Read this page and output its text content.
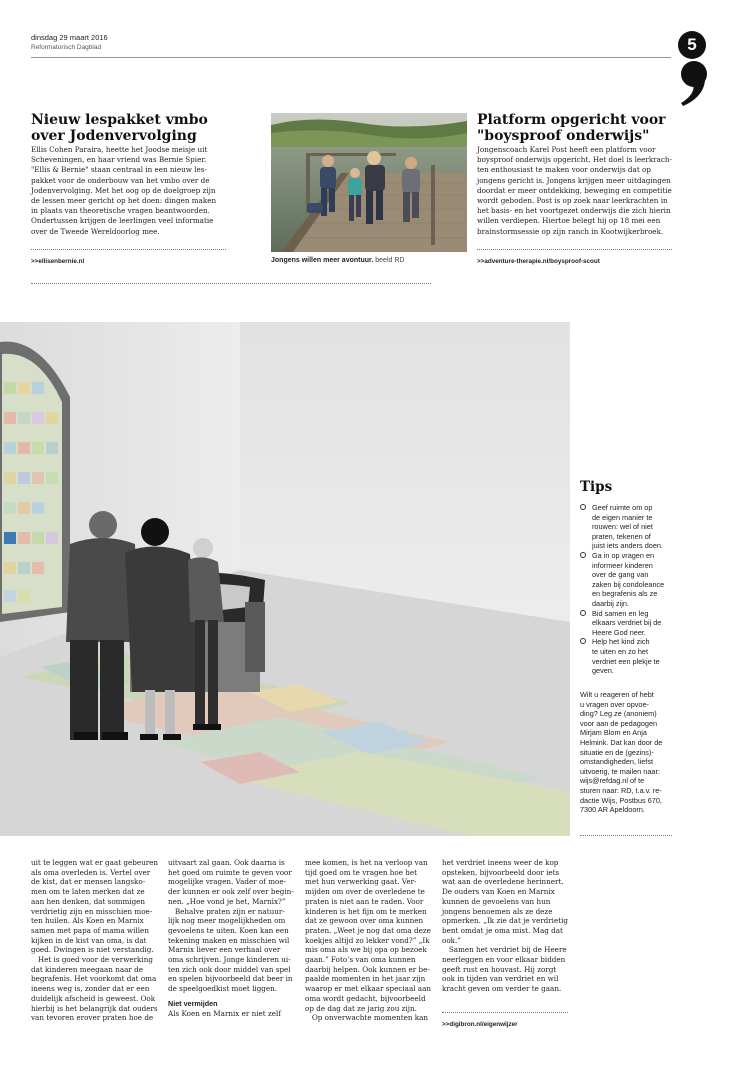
dinsdag 29 maart 2016
Reformatorisch Dagblad	5
Nieuw lespakket vmbo
over Jodenvervolging
Ellis Cohen Paraira, heette het Joodse meisje uit
Scheveningen, en haar vriend was Bernie Spier.
"Ellis & Bernie" staan centraal in een nieuw les-
pakket voor de onderbouw van het vmbo over de
Jodenvervolging. Met het oog op de doelgroep zijn
de lessen meer gericht op het doen: dingen maken
in plaats van theoretische vragen beantwoorden.
Ondertussen krijgen de leerlingen veel informatie
over de Tweede Wereldoorlog mee.
>>ellisenbernie.nl	Jongens willen meer avontuur. beeld RD
Platform opgericht voor
"boysproof onderwijs"
Jongenscoach Karel Post heeft een platform voor
boysproof onderwijs opgericht. Het doel is leerkrach-
ten enthousiast te maken voor onderwijs dat op
jongens gericht is. Jongens krijgen meer uitdagingen
doordat er meer ontdekking, beweging en competitie
wordt geboden. Post is op zoek naar leerkrachten in
het basis- en het voortgezet onderwijs die zich hierin
willen verdiepen. Hiertoe belegt hij op 18 mei een
brainstormsessie op zijn ranch in Kootwijkerbroek.
>>adventure-therapie.nl/boysproof-scout
Tips
Geef ruimte om op
de eigen manier te
rouwen: wel of niet
praten, tekenen of
juist iets anders doen.
Ga in op vragen en
informeer kinderen
over de gang van
zaken bij condoleance
en begrafenis als ze
daarbij zijn.
Bid samen en leg
elkaars verdriet bij de
Heere God neer.
Help het kind zich
te uiten en zo het
verdriet een plekje te
geven.
Wilt u reageren of hebt
u vragen over opvoe-
ding? Leg ze (anoniem)
voor aan de pedagogen
Mirjam Blom en Anja
Helmink. Dat kan door de
situatie en de (gezins)-
omstandigheden, liefst
uitvoerig, te mailen naar:
wijs@refdag.nl of te
sturen naar: RD, t.a.v. re-
dactie Wijs, Postbus 670,
7300 AR Apeldoorn.
uit te leggen wat er gaat gebeuren
als oma overleden is. Vertel over
de kist, dat er mensen langsko-
men om te laten merken dat ze
aan hen denken, dat sommigen
verdrietig zijn en misschien moe-
ten huilen. Als Koen en Marnix
samen met papa of mama willen
kijken in de kist van oma, is dat
goed. Dwingen is niet verstandig.
Het is goed voor de verwerking
dat kinderen meegaan naar de
begrafenis. Het voorkomt dat oma
ineens weg is, zonder dat er een
duidelijk afscheid is geweest. Ook
hierbij is het belangrijk dat ouders
van tevoren erover praten hoe de
uitvaart zal gaan. Ook daarna is
het goed om ruimte te geven voor
mogelijke vragen. Vader of moe-
der kunnen er ook zelf over begin-
nen. „Hoe vond je het, Marnix?”
Behalve praten zijn er natuur-
lijk nog meer mogelijkheden om
gevoelens te uiten. Koen kan een
tekening maken en misschien wil
Marnix liever een verhaal over
oma schrijven. Jonge kinderen ui-
ten zich ook door middel van spel
en spelen bijvoorbeeld dat beer in
de speelgoedkist moet liggen.
Niet vermijden
Als Koen en Marnix er niet zelf
mee komen, is het na verloop van
tijd goed om te vragen hoe het
met hun verwerking gaat. Ver-
mijden om over de overledene te
praten is niet aan te raden. Voor
kinderen is het fijn om te merken
dat ze gewoon over oma kunnen
praten. „Weet je nog dat oma deze
koekjes altijd zo lekker vond?” „Ik
mis oma als we bij opa op bezoek
gaan.” Foto’s van oma kunnen
daarbij helpen. Ook kunnen er be-
paalde momenten in het jaar zijn
waarop er met elkaar speciaal aan
oma wordt gedacht, bijvoorbeeld
op de dag dat ze jarig zou zijn.
Op onverwachte momenten kan
het verdriet ineens weer de kop
opsteken, bijvoorbeeld door iets
wat aan de overledene herinnert.
De ouders van Koen en Marnix
kunnen de gevoelens van hun
jongens benoemen als ze deze
opmerken. „Ik zie dat je verdrietig
bent omdat je oma mist. Mag dat
ook.”
Samen het verdriet bij de Heere
neerleggen en voor elkaar bidden
geeft rust en houvast. Hij zorgt
ook in tijden van verdriet en wil
kracht geven om verder te gaan.
>>digibron.nl/eigenwijzer
